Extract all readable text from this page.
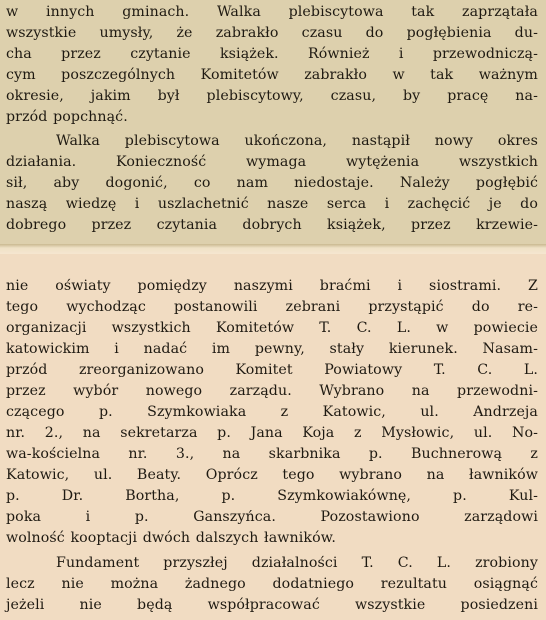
w innych gminach. Walka plebiscytowa tak zaprzątała
wszystkie umysły, że zabrakło czasu do pogłębienia du-
cha przez czytanie książek. Również i przewodniczą-
cym poszczególnych Komitetów zabrakło w tak ważnym
okresie, jakim był plebiscytowy, czasu, by pracę na-
przód popchnąć.

Walka plebiscytowa ukończona, nastąpił nowy okres
działania. Konieczność wymaga wytężenia wszystkich
sił, aby dogonić, co nam niedostaje. Należy pogłębić
naszą wiedzę i uszlachetnić nasze serca i zachęcić je do
dobrego przez czytania dobrych książek, przez krzewie-

nie oświaty pomiędzy naszymi braćmi i siostrami. Z
tego wychodząc postanowili zebrani przystąpić do re-
organizacji wszystkich Komitetów T. C. L. w powiecie
katowickim i nadać im pewny, stały kierunek. Nasam-
przód zreorganizowano Komitet Powiatowy T. C. L.
przez wybór nowego zarządu. Wybrano na przewodni-
czącego p. Szymkowiaka z Katowic, ul. Andrzeja
nr. 2., na sekretarza p. Jana Koja z Mysłowic, ul. No-
wa-kościelna nr. 3., na skarbnika p. Buchnerową z
Katowic, ul. Beaty. Oprócz tego wybrano na ławników
p. Dr. Bortha, p. Szymkowiakównę, p. Kul-
poka i p. Ganszyńca. Pozostawiono zarządowi
wolność kooptacji dwóch dalszych ławników.

Fundament przyszłej działalności T. C. L. zrobiony
lecz nie można żadnego dodatniego rezultatu osiągnąć
jeżeli nie będą współpracować wszystkie posiedzeni
